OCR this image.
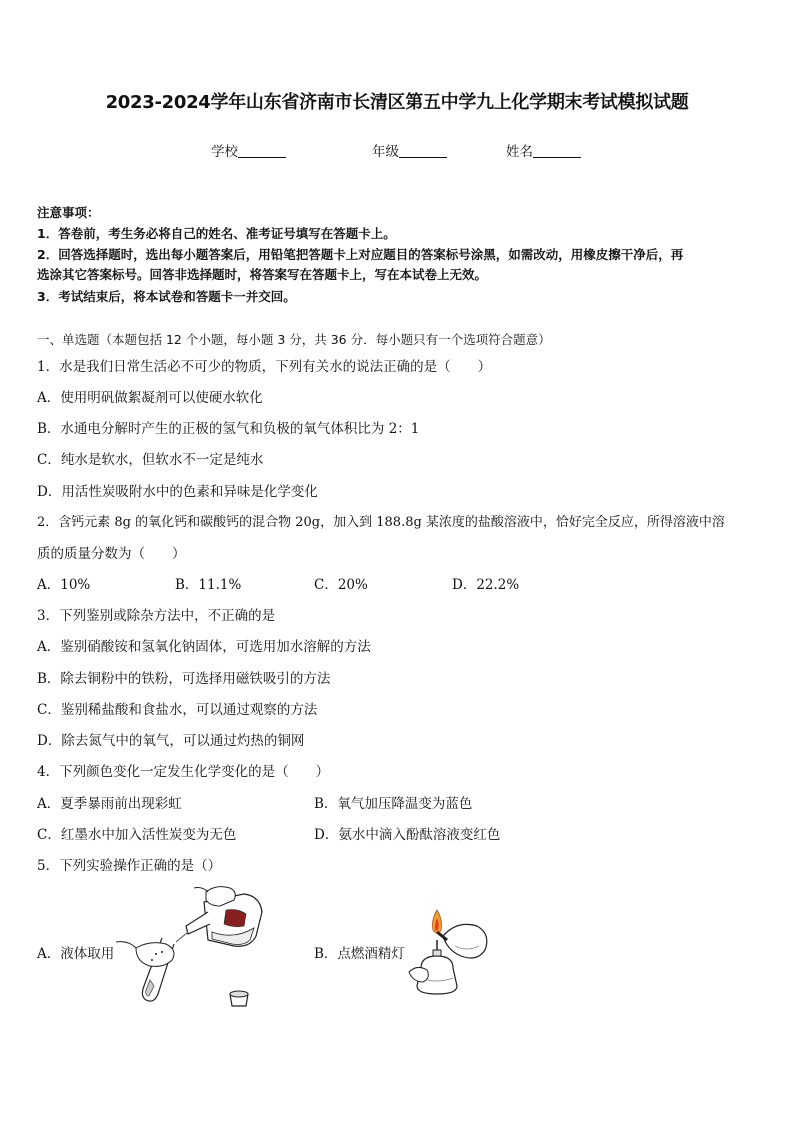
2023-2024学年山东省济南市长清区第五中学九上化学期末考试模拟试题
学校	年级	姓名
注意事项：
1．答卷前，考生务必将自己的姓名、准考证号填写在答题卡上。
2．回答选择题时，选出每小题答案后，用铅笔把答题卡上对应题目的答案标号涂黑，如需改动，用橡皮擦干净后，再
选涂其它答案标号。回答非选择题时，将答案写在答题卡上，写在本试卷上无效。
3．考试结束后，将本试卷和答题卡一并交回。
一、单选题（本题包括 12 个小题，每小题 3 分，共 36 分．每小题只有一个选项符合题意）
1．水是我们日常生活必不可少的物质，下列有关水的说法正确的是（　　）
A．使用明矾做絮凝剂可以使硬水软化
B．水通电分解时产生的正极的氢气和负极的氧气体积比为 2：1
C．纯水是软水，但软水不一定是纯水
D．用活性炭吸附水中的色素和异味是化学变化
2．含钙元素 8g 的氧化钙和碳酸钙的混合物 20g，加入到 188.8g 某浓度的盐酸溶液中，恰好完全反应，所得溶液中溶
质的质量分数为（　　）
A．10%	B．11.1%	C．20%	D．22.2%
3．下列鉴别或除杂方法中，不正确的是
A．鉴别硝酸铵和氢氧化钠固体，可选用加水溶解的方法
B．除去铜粉中的铁粉，可选择用磁铁吸引的方法
C．鉴别稀盐酸和食盐水，可以通过观察的方法
D．除去氮气中的氧气，可以通过灼热的铜网
4．下列颜色变化一定发生化学变化的是（　　）
A．夏季暴雨前出现彩虹	B．氧气加压降温变为蓝色
C．红墨水中加入活性炭变为无色	D．氨水中滴入酚酞溶液变红色
5．下列实验操作正确的是（）
A．液体取用	B．点燃酒精灯
